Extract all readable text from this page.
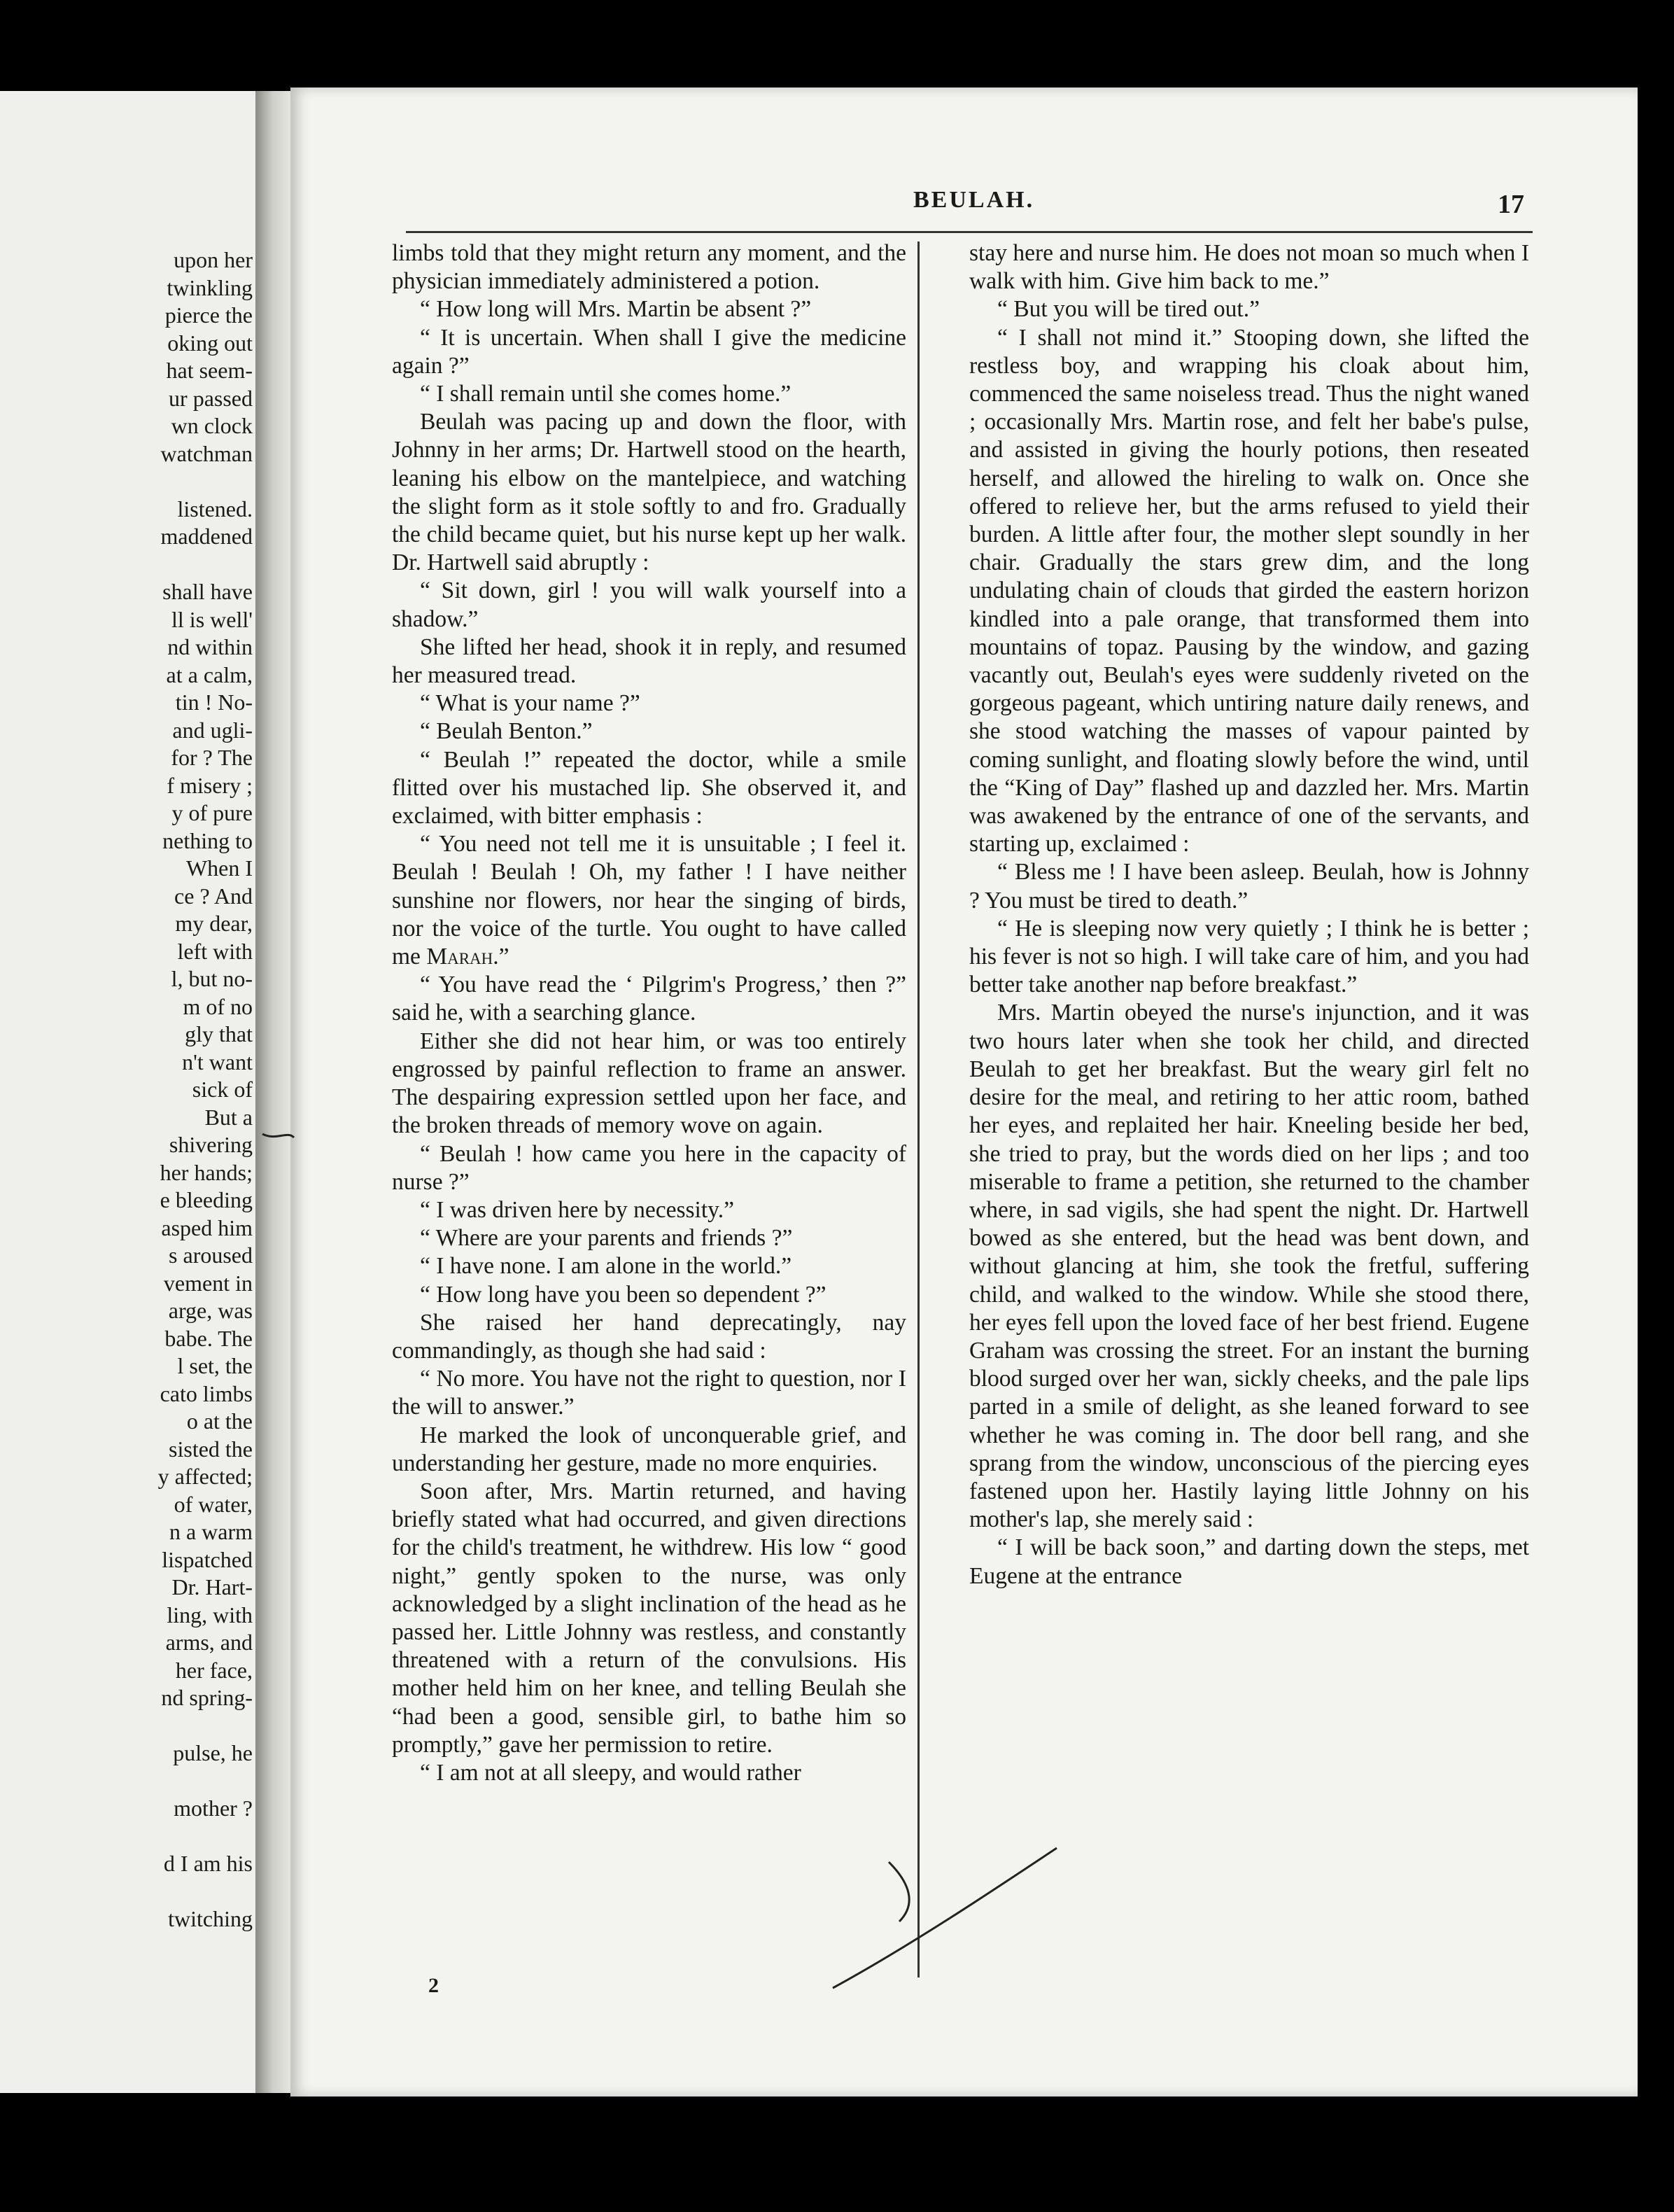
upon her
twinkling
pierce the
oking out
hat seem-
ur passed
wn clock
watchman

listened.
maddened

shall have
ll is well'
nd within
at a calm,
tin ! No-
and ugli-
for ? The
f misery ;
y of pure
nething to
When I
ce ? And
my dear,
left with
l, but no-
m of no
gly that
n't want
sick of
But a
shivering
her hands;
e bleeding
asped him
s aroused
vement in
arge, was
babe. The
l set, the
cato limbs
o at the
sisted the
y affected;
of water,
n a warm
lispatched
Dr. Hart-
ling, with
arms, and
her face,
nd spring-

pulse, he

mother ?

d I am his

twitching
BEULAH.	17

limbs told that they might return any moment, and the physician immediately administered a potion.

“ How long will Mrs. Martin be absent ?”

“ It is uncertain. When shall I give the medicine again ?”

“ I shall remain until she comes home.”

Beulah was pacing up and down the floor, with Johnny in her arms; Dr. Hartwell stood on the hearth, leaning his elbow on the mantelpiece, and watching the slight form as it stole softly to and fro. Gradually the child became quiet, but his nurse kept up her walk. Dr. Hartwell said abruptly :

“ Sit down, girl ! you will walk yourself into a shadow.”

She lifted her head, shook it in reply, and resumed her measured tread.

“ What is your name ?”

“ Beulah Benton.”

“ Beulah !” repeated the doctor, while a smile flitted over his mustached lip. She observed it, and exclaimed, with bitter emphasis :

“ You need not tell me it is unsuitable ; I feel it. Beulah ! Beulah ! Oh, my father ! I have neither sunshine nor flowers, nor hear the singing of birds, nor the voice of the turtle. You ought to have called me Marah.”

“ You have read the ‘ Pilgrim's Progress,’ then ?” said he, with a searching glance.

Either she did not hear him, or was too entirely engrossed by painful reflection to frame an answer. The despairing expression settled upon her face, and the broken threads of memory wove on again.

“ Beulah ! how came you here in the capacity of nurse ?”

“ I was driven here by necessity.”

“ Where are your parents and friends ?”

“ I have none. I am alone in the world.”

“ How long have you been so dependent ?”

She raised her hand deprecatingly, nay commandingly, as though she had said :

“ No more. You have not the right to question, nor I the will to answer.”

He marked the look of unconquerable grief, and understanding her gesture, made no more enquiries.

Soon after, Mrs. Martin returned, and having briefly stated what had occurred, and given directions for the child's treatment, he withdrew. His low “ good night,” gently spoken to the nurse, was only acknowledged by a slight inclination of the head as he passed her. Little Johnny was restless, and constantly threatened with a return of the convulsions. His mother held him on her knee, and telling Beulah she “had been a good, sensible girl, to bathe him so promptly,” gave her permission to retire.

“ I am not at all sleepy, and would rather

stay here and nurse him. He does not moan so much when I walk with him. Give him back to me.”

“ But you will be tired out.”

“ I shall not mind it.” Stooping down, she lifted the restless boy, and wrapping his cloak about him, commenced the same noiseless tread. Thus the night waned ; occasionally Mrs. Martin rose, and felt her babe's pulse, and assisted in giving the hourly potions, then reseated herself, and allowed the hireling to walk on. Once she offered to relieve her, but the arms refused to yield their burden. A little after four, the mother slept soundly in her chair. Gradually the stars grew dim, and the long undulating chain of clouds that girded the eastern horizon kindled into a pale orange, that transformed them into mountains of topaz. Pausing by the window, and gazing vacantly out, Beulah's eyes were suddenly riveted on the gorgeous pageant, which untiring nature daily renews, and she stood watching the masses of vapour painted by coming sunlight, and floating slowly before the wind, until the “King of Day” flashed up and dazzled her. Mrs. Martin was awakened by the entrance of one of the servants, and starting up, exclaimed :

“ Bless me ! I have been asleep. Beulah, how is Johnny ? You must be tired to death.”

“ He is sleeping now very quietly ; I think he is better ; his fever is not so high. I will take care of him, and you had better take another nap before breakfast.”

Mrs. Martin obeyed the nurse's injunction, and it was two hours later when she took her child, and directed Beulah to get her breakfast. But the weary girl felt no desire for the meal, and retiring to her attic room, bathed her eyes, and replaited her hair. Kneeling beside her bed, she tried to pray, but the words died on her lips ; and too miserable to frame a petition, she returned to the chamber where, in sad vigils, she had spent the night. Dr. Hartwell bowed as she entered, but the head was bent down, and without glancing at him, she took the fretful, suffering child, and walked to the window. While she stood there, her eyes fell upon the loved face of her best friend. Eugene Graham was crossing the street. For an instant the burning blood surged over her wan, sickly cheeks, and the pale lips parted in a smile of delight, as she leaned forward to see whether he was coming in. The door bell rang, and she sprang from the window, unconscious of the piercing eyes fastened upon her. Hastily laying little Johnny on his mother's lap, she merely said :

“ I will be back soon,” and darting down the steps, met Eugene at the entrance

2
